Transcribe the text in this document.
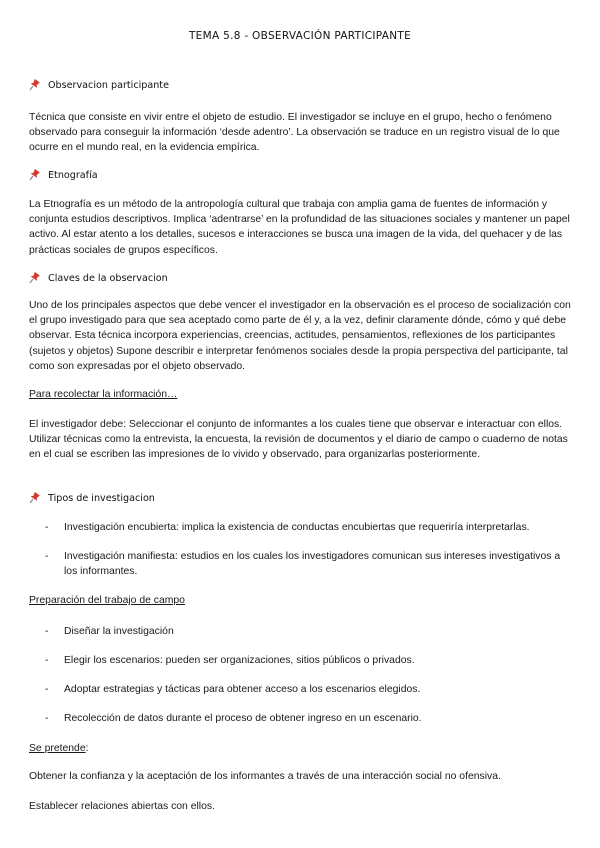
TEMA 5.8 - OBSERVACIÓN PARTICIPANTE
Observacion participante

Técnica que consiste en vivir entre el objeto de estudio. El investigador se incluye en el grupo, hecho o fenómeno observado para conseguir la información ‘desde adentro’. La observación se traduce en un registro visual de lo que ocurre en el mundo real, en la evidencia empírica.

Etnografía

La Etnografía es un método de la antropología cultural que trabaja con amplia gama de fuentes de información y conjunta estudios descriptivos. Implica ‘adentrarse’ en la profundidad de las situaciones sociales y mantener un papel activo. Al estar atento a los detalles, sucesos e interacciones se busca una imagen de la vida, del quehacer y de las prácticas sociales de grupos específicos.

Claves de la observacion

Uno de los principales aspectos que debe vencer el investigador en la observación es el proceso de socialización con el grupo investigado para que sea aceptado como parte de él y, a la vez, definir claramente dónde, cómo y qué debe observar. Esta técnica incorpora experiencias, creencias, actitudes, pensamientos, reflexiones de los participantes (sujetos y objetos) Supone describir e interpretar fenómenos sociales desde la propia perspectiva del participante, tal como son expresadas por el objeto observado.

Para recolectar la información…

El investigador debe: Seleccionar el conjunto de informantes a los cuales tiene que observar e interactuar con ellos. Utilizar técnicas como la entrevista, la encuesta, la revisión de documentos y el diario de campo o cuaderno de notas en el cual se escriben las impresiones de lo vivido y observado, para organizarlas posteriormente.

Tipos de investigacion
- Investigación encubierta: implica la existencia de conductas encubiertas que requeriría interpretarlas.
- Investigación manifiesta: estudios en los cuales los investigadores comunican sus intereses investigativos a los informantes.
Preparación del trabajo de campo
- Diseñar la investigación
- Elegir los escenarios: pueden ser organizaciones, sitios públicos o privados.
- Adoptar estrategias y tácticas para obtener acceso a los escenarios elegidos.
- Recolección de datos durante el proceso de obtener ingreso en un escenario.
Se pretende:

Obtener la confianza y la aceptación de los informantes a través de una interacción social no ofensiva.

Establecer relaciones abiertas con ellos.
